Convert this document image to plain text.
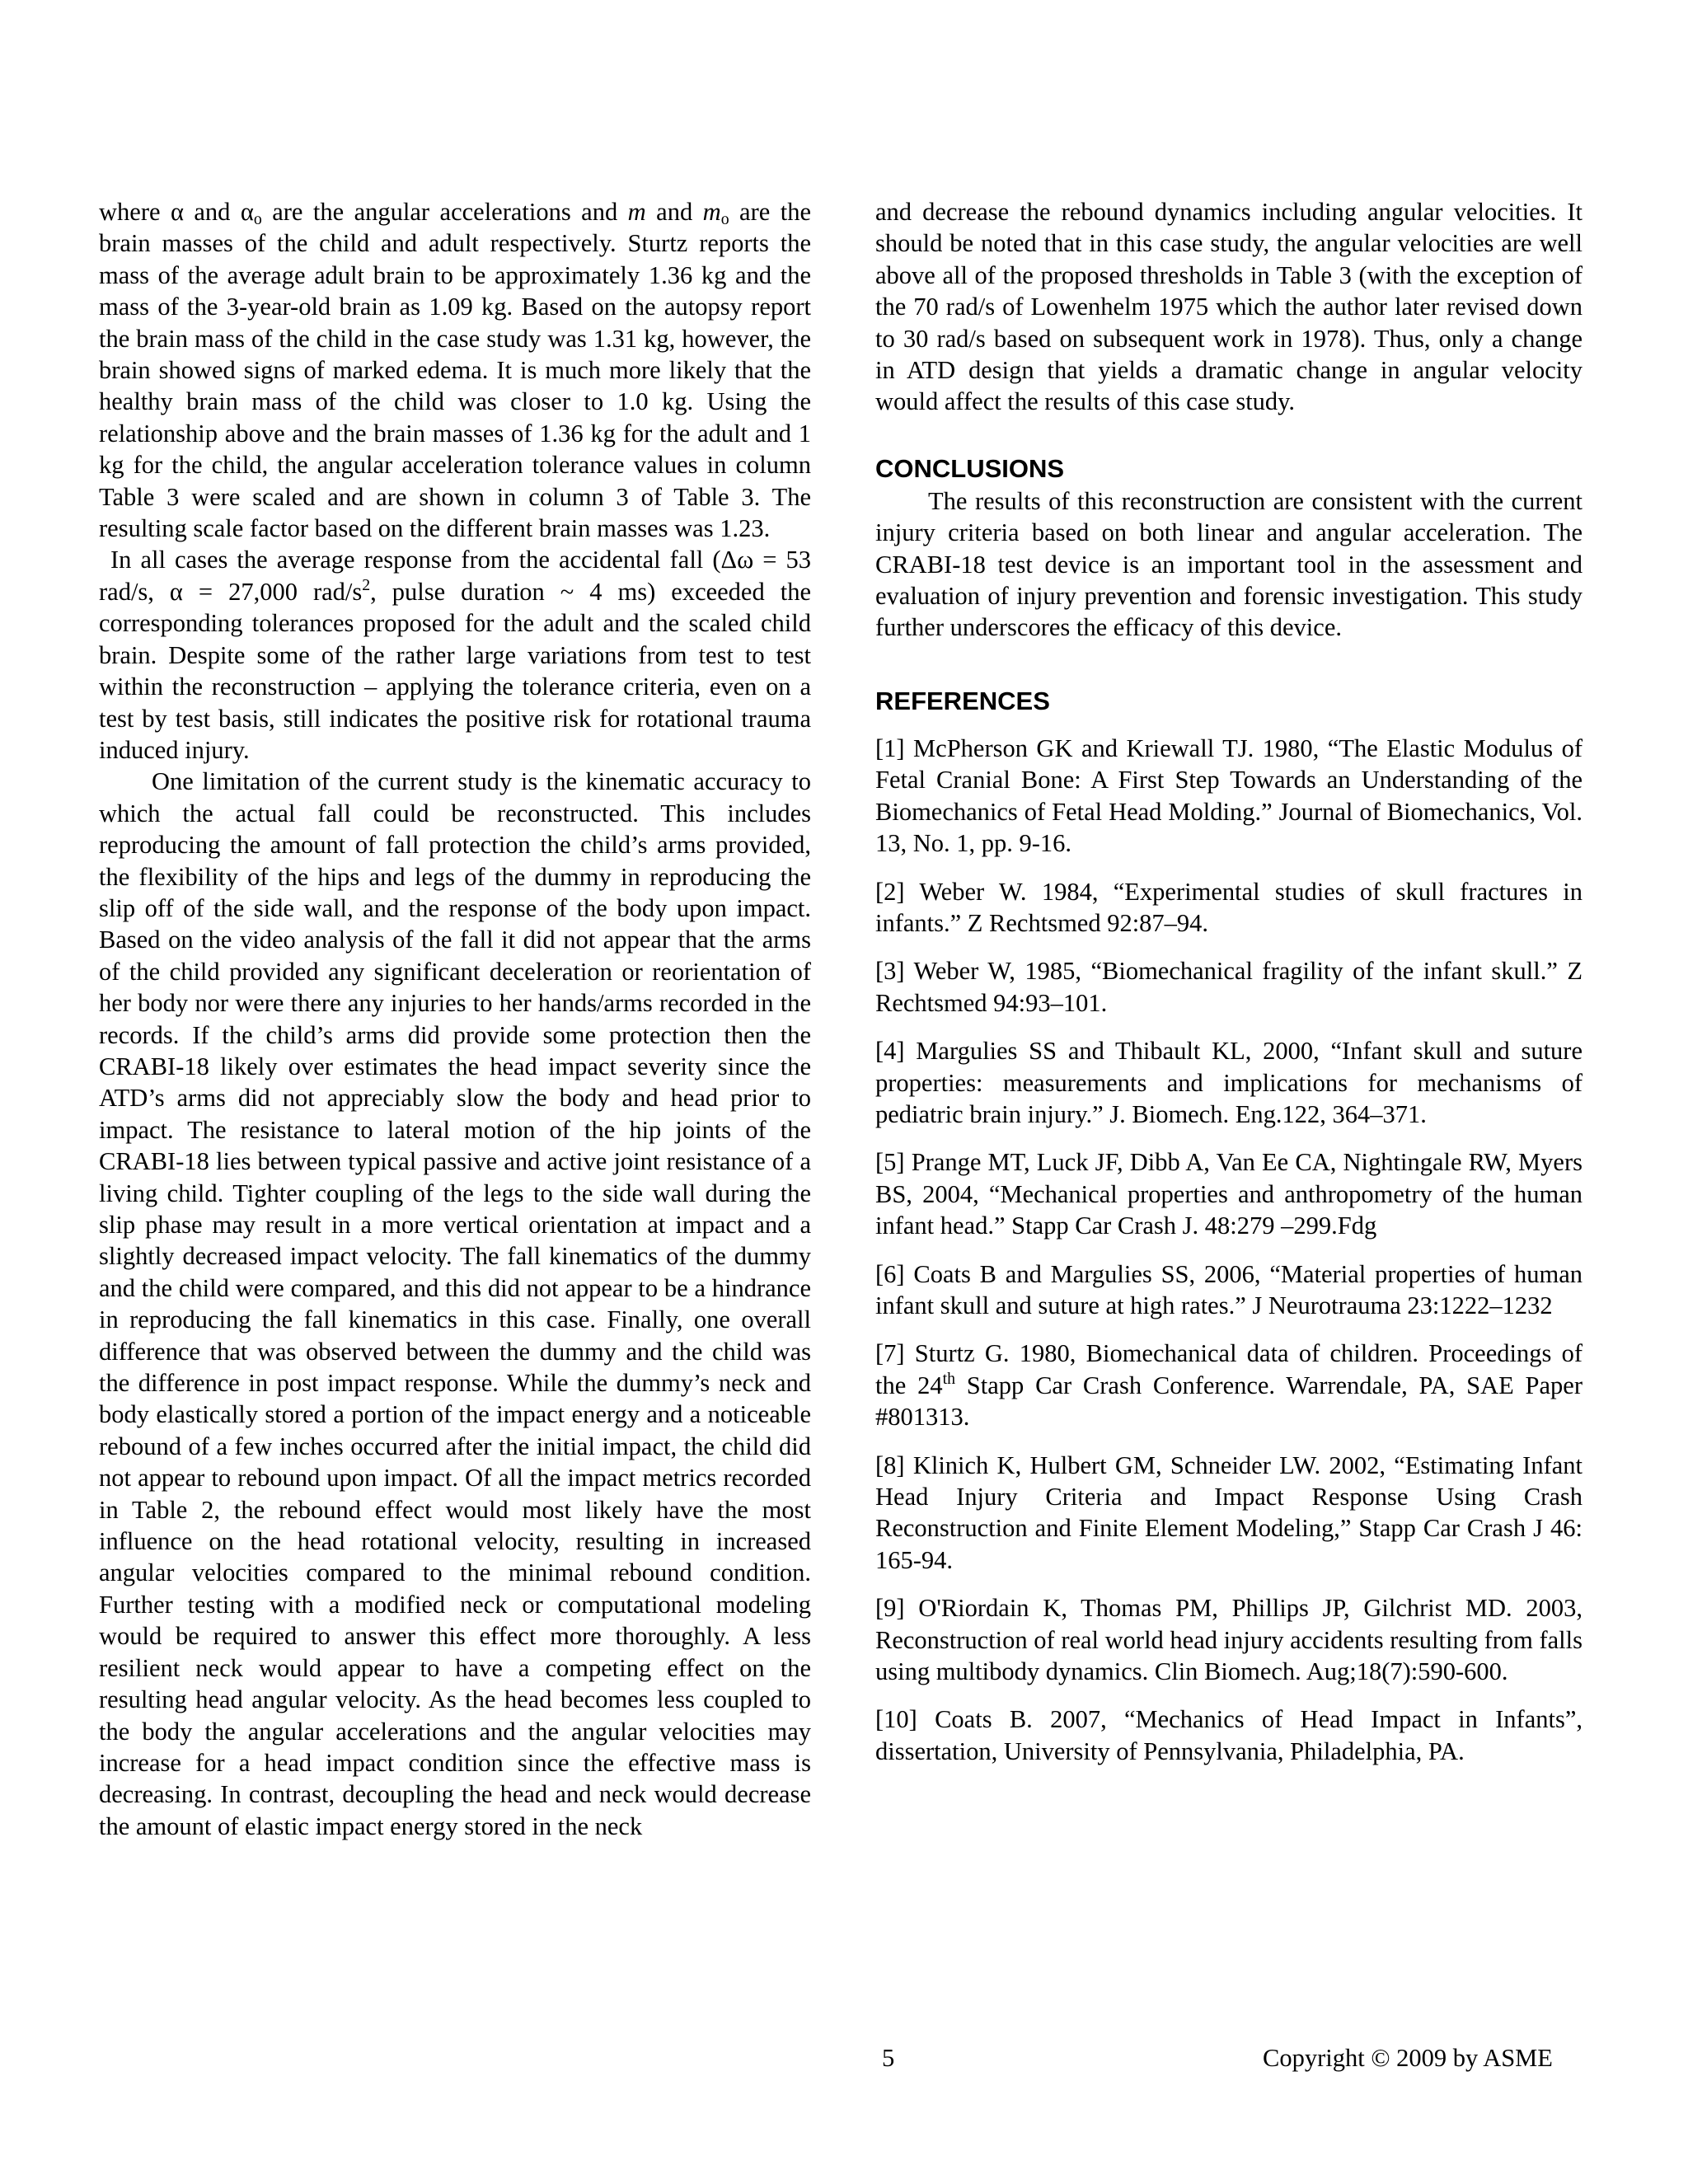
where α and $\alpha_o$ are the angular accelerations and m and $m_o$ are the brain masses of the child and adult respectively. Sturtz reports the mass of the average adult brain to be approximately 1.36 kg and the mass of the 3-year-old brain as 1.09 kg. Based on the autopsy report the brain mass of the child in the case study was 1.31 kg, however, the brain showed signs of marked edema. It is much more likely that the healthy brain mass of the child was closer to 1.0 kg. Using the relationship above and the brain masses of 1.36 kg for the adult and 1 kg for the child, the angular acceleration tolerance values in column Table 3 were scaled and are shown in column 3 of Table 3. The resulting scale factor based on the different brain masses was 1.23.

In all cases the average response from the accidental fall (Δω = 53 rad/s, α = 27,000 rad/$s^2$, pulse duration ~ 4 ms) exceeded the corresponding tolerances proposed for the adult and the scaled child brain. Despite some of the rather large variations from test to test within the reconstruction – applying the tolerance criteria, even on a test by test basis, still indicates the positive risk for rotational trauma induced injury.

One limitation of the current study is the kinematic accuracy to which the actual fall could be reconstructed. This includes reproducing the amount of fall protection the child’s arms provided, the flexibility of the hips and legs of the dummy in reproducing the slip off of the side wall, and the response of the body upon impact. Based on the video analysis of the fall it did not appear that the arms of the child provided any significant deceleration or reorientation of her body nor were there any injuries to her hands/arms recorded in the records. If the child’s arms did provide some protection then the CRABI-18 likely over estimates the head impact severity since the ATD’s arms did not appreciably slow the body and head prior to impact. The resistance to lateral motion of the hip joints of the CRABI-18 lies between typical passive and active joint resistance of a living child. Tighter coupling of the legs to the side wall during the slip phase may result in a more vertical orientation at impact and a slightly decreased impact velocity. The fall kinematics of the dummy and the child were compared, and this did not appear to be a hindrance in reproducing the fall kinematics in this case. Finally, one overall difference that was observed between the dummy and the child was the difference in post impact response. While the dummy’s neck and body elastically stored a portion of the impact energy and a noticeable rebound of a few inches occurred after the initial impact, the child did not appear to rebound upon impact. Of all the impact metrics recorded in Table 2, the rebound effect would most likely have the most influence on the head rotational velocity, resulting in increased angular velocities compared to the minimal rebound condition. Further testing with a modified neck or computational modeling would be required to answer this effect more thoroughly. A less resilient neck would appear to have a competing effect on the resulting head angular velocity. As the head becomes less coupled to the body the angular accelerations and the angular velocities may increase for a head impact condition since the effective mass is decreasing. In contrast, decoupling the head and neck would decrease the amount of elastic impact energy stored in the neck

and decrease the rebound dynamics including angular velocities. It should be noted that in this case study, the angular velocities are well above all of the proposed thresholds in Table 3 (with the exception of the 70 rad/s of Lowenhelm 1975 which the author later revised down to 30 rad/s based on subsequent work in 1978). Thus, only a change in ATD design that yields a dramatic change in angular velocity would affect the results of this case study.

CONCLUSIONS

The results of this reconstruction are consistent with the current injury criteria based on both linear and angular acceleration. The CRABI-18 test device is an important tool in the assessment and evaluation of injury prevention and forensic investigation. This study further underscores the efficacy of this device.

REFERENCES

[1] McPherson GK and Kriewall TJ. 1980, “The Elastic Modulus of Fetal Cranial Bone: A First Step Towards an Understanding of the Biomechanics of Fetal Head Molding.” Journal of Biomechanics, Vol. 13, No. 1, pp. 9-16.

[2] Weber W. 1984, “Experimental studies of skull fractures in infants.” Z Rechtsmed 92:87–94.

[3] Weber W, 1985, “Biomechanical fragility of the infant skull.” Z Rechtsmed 94:93–101.

[4] Margulies SS and Thibault KL, 2000, “Infant skull and suture properties: measurements and implications for mechanisms of pediatric brain injury.” J. Biomech. Eng.122, 364–371.

[5] Prange MT, Luck JF, Dibb A, Van Ee CA, Nightingale RW, Myers BS, 2004, “Mechanical properties and anthropometry of the human infant head.” Stapp Car Crash J. 48:279 –299.Fdg

[6] Coats B and Margulies SS, 2006, “Material properties of human infant skull and suture at high rates.” J Neurotrauma 23:1222–1232

[7] Sturtz G. 1980, Biomechanical data of children. Proceedings of the 24th Stapp Car Crash Conference. Warrendale, PA, SAE Paper #801313.

[8] Klinich K, Hulbert GM, Schneider LW. 2002, “Estimating Infant Head Injury Criteria and Impact Response Using Crash Reconstruction and Finite Element Modeling,” Stapp Car Crash J 46: 165-94.

[9] O'Riordain K, Thomas PM, Phillips JP, Gilchrist MD. 2003, Reconstruction of real world head injury accidents resulting from falls using multibody dynamics. Clin Biomech. Aug;18(7):590-600.

[10] Coats B. 2007, “Mechanics of Head Impact in Infants”, dissertation, University of Pennsylvania, Philadelphia, PA.

5	Copyright © 2009 by ASME
